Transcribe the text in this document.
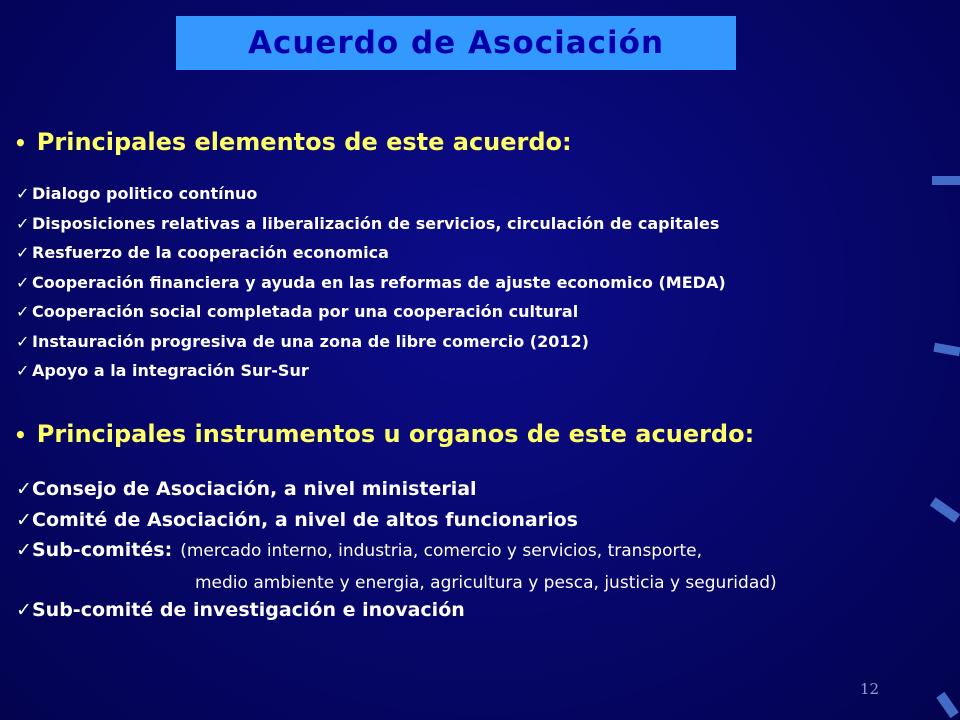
Acuerdo de Asociación
• Principales elementos de este acuerdo:
✓ Dialogo politico contínuo
✓ Disposiciones relativas a liberalización de servicios, circulación de capitales
✓ Resfuerzo de la cooperación economica
✓ Cooperación financiera y ayuda en las reformas de ajuste economico (MEDA)
✓ Cooperación social completada por una cooperación cultural
✓ Instauración progresiva de una zona de libre comercio (2012)
✓ Apoyo a la integración Sur-Sur
• Principales instrumentos u organos de este acuerdo:
✓ Consejo de Asociación, a nivel ministerial
✓ Comité de Asociación, a nivel de altos funcionarios
✓ Sub-comités: (mercado interno, industria, comercio y servicios, transporte,
✓ Sub-comité de investigación e inovación
medio ambiente y energia, agricultura y pesca, justicia y seguridad)
12
